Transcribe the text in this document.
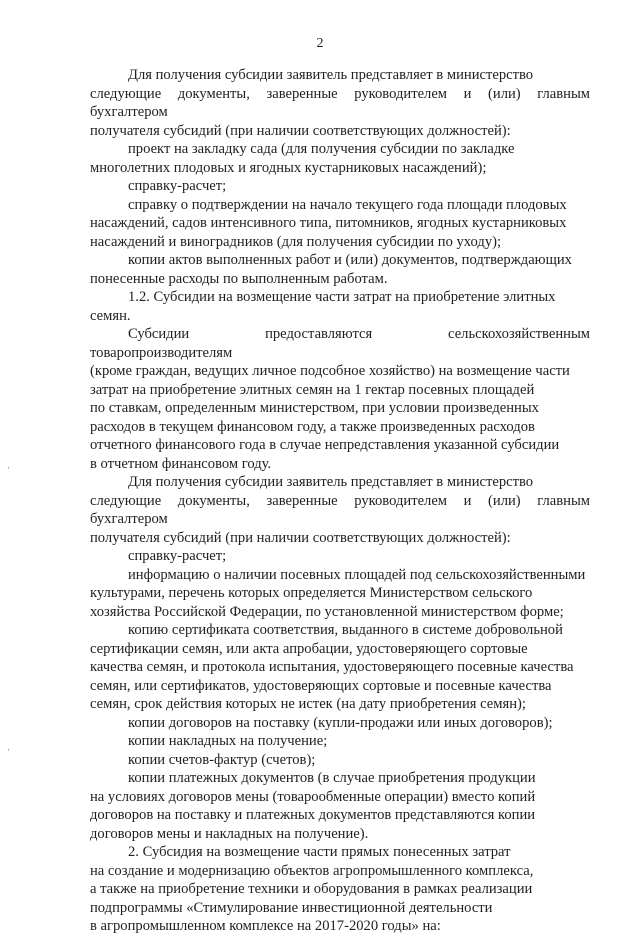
2

Для получения субсидии заявитель представляет в министерство
следующие документы, заверенные руководителем и (или) главным бухгалтером
получателя субсидий (при наличии соответствующих должностей):

проект на закладку сада (для получения субсидии по закладке
многолетних плодовых и ягодных кустарниковых насаждений);

справку-расчет;

справку о подтверждении на начало текущего года площади плодовых
насаждений, садов интенсивного типа, питомников, ягодных кустарниковых
насаждений и виноградников (для получения субсидии по уходу);

копии актов выполненных работ и (или) документов, подтверждающих
понесенные расходы по выполненным работам.

1.2. Субсидии на возмещение части затрат на приобретение элитных
семян.

Субсидии предоставляются сельскохозяйственным товаропроизводителям
(кроме граждан, ведущих личное подсобное хозяйство) на возмещение части
затрат на приобретение элитных семян на 1 гектар посевных площадей
по ставкам, определенным министерством, при условии произведенных
расходов в текущем финансовом году, а также произведенных расходов
отчетного финансового года в случае непредставления указанной субсидии
в отчетном финансовом году.

Для получения субсидии заявитель представляет в министерство
следующие документы, заверенные руководителем и (или) главным бухгалтером
получателя субсидий (при наличии соответствующих должностей):

справку-расчет;

информацию о наличии посевных площадей под сельскохозяйственными
культурами, перечень которых определяется Министерством сельского
хозяйства Российской Федерации, по установленной министерством форме;

копию сертификата соответствия, выданного в системе добровольной
сертификации семян, или акта апробации, удостоверяющего сортовые
качества семян, и протокола испытания, удостоверяющего посевные качества
семян, или сертификатов, удостоверяющих сортовые и посевные качества
семян, срок действия которых не истек (на дату приобретения семян);

копии договоров на поставку (купли-продажи или иных договоров);

копии накладных на получение;

копии счетов-фактур (счетов);

копии платежных документов (в случае приобретения продукции
на условиях договоров мены (товарообменные операции) вместо копий
договоров на поставку и платежных документов представляются копии
договоров мены и накладных на получение).

2. Субсидия на возмещение части прямых понесенных затрат
на создание и модернизацию объектов агропромышленного комплекса,
а также на приобретение техники и оборудования в рамках реализации
подпрограммы «Стимулирование инвестиционной деятельности
в агропромышленном комплексе на 2017-2020 годы» на:

ˌ
ˌ
